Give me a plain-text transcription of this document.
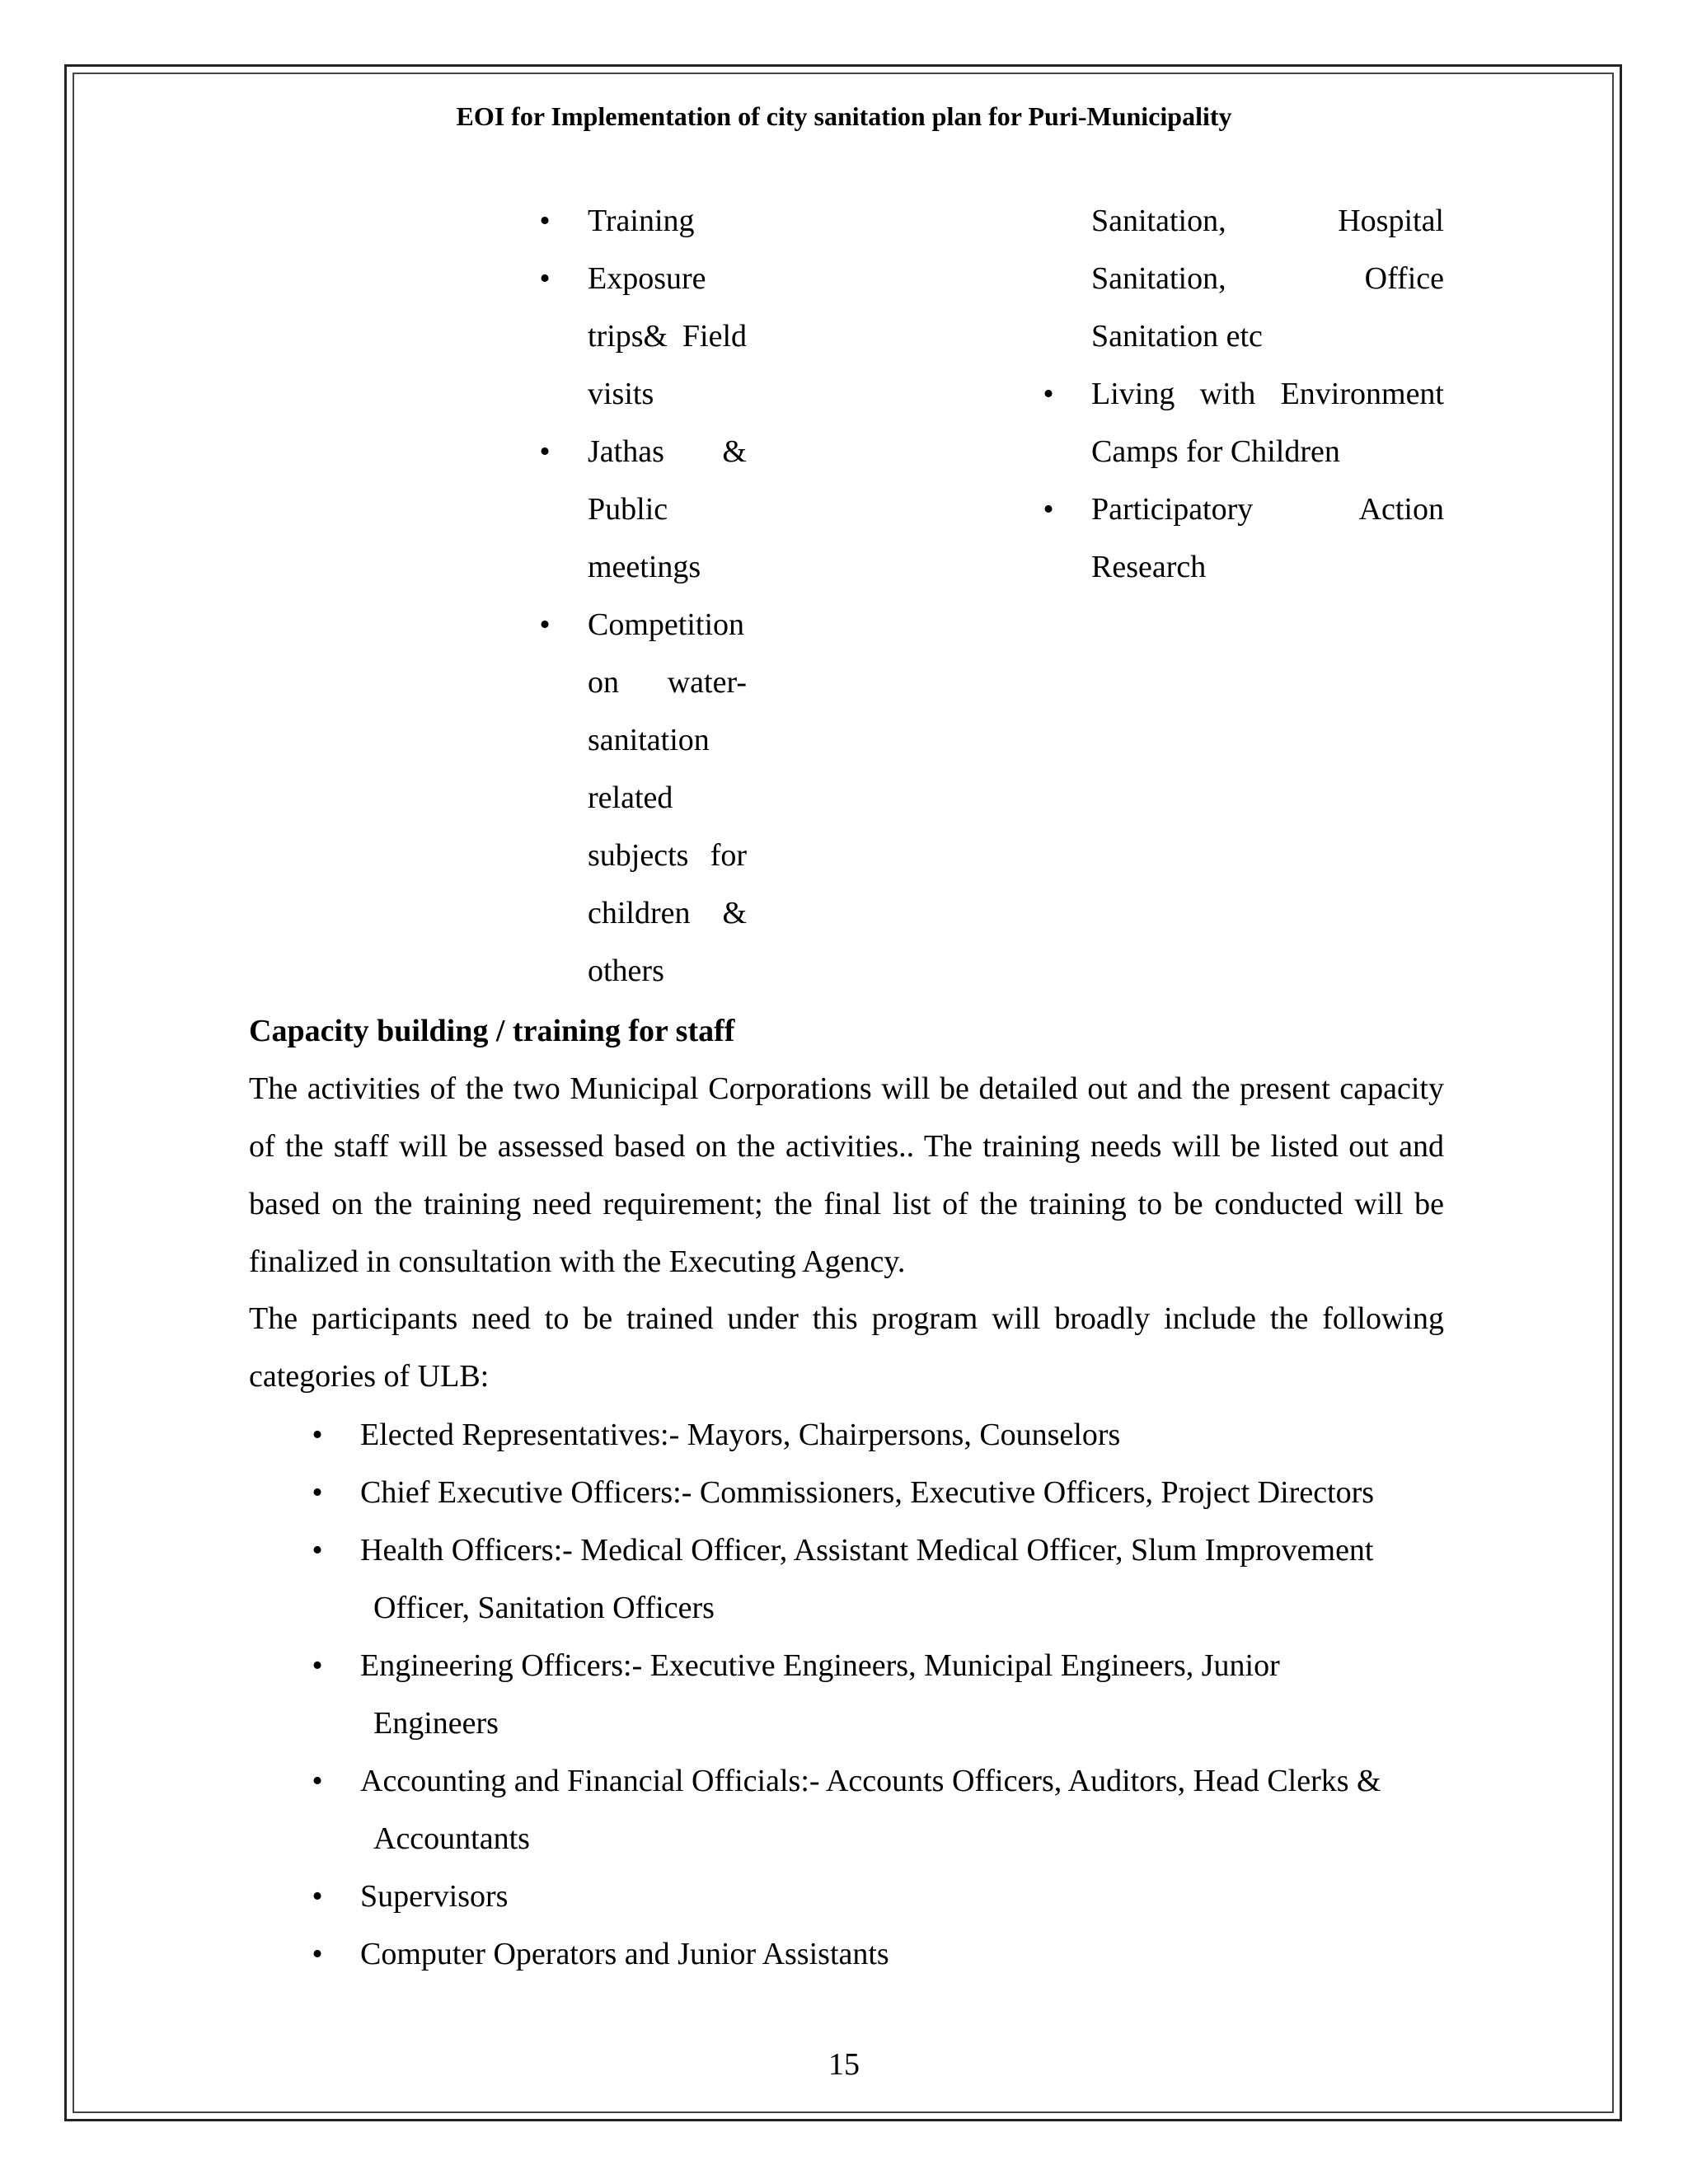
EOI for Implementation of city sanitation plan for Puri-Municipality
• Training
• Exposure trips& Field visits
• Jathas & Public meetings
• Competition on water-sanitation related subjects for children & others
Sanitation, Hospital Sanitation, Office Sanitation etc
• Living with Environment Camps for Children
• Participatory Action Research
Capacity building / training for staff

The activities of the two Municipal Corporations will be detailed out and the present capacity of the staff will be assessed based on the activities.. The training needs will be listed out and based on the training need requirement; the final list of the training to be conducted will be finalized in consultation with the Executing Agency.

The participants need to be trained under this program will broadly include the following categories of ULB:

• Elected Representatives:- Mayors, Chairpersons, Counselors
• Chief Executive Officers:- Commissioners, Executive Officers, Project Directors
• Health Officers:- Medical Officer, Assistant Medical Officer, Slum Improvement
Officer, Sanitation Officers
• Engineering Officers:- Executive Engineers, Municipal Engineers, Junior
Engineers
• Accounting and Financial Officials:- Accounts Officers, Auditors, Head Clerks &
Accountants
• Supervisors
• Computer Operators and Junior Assistants
15
